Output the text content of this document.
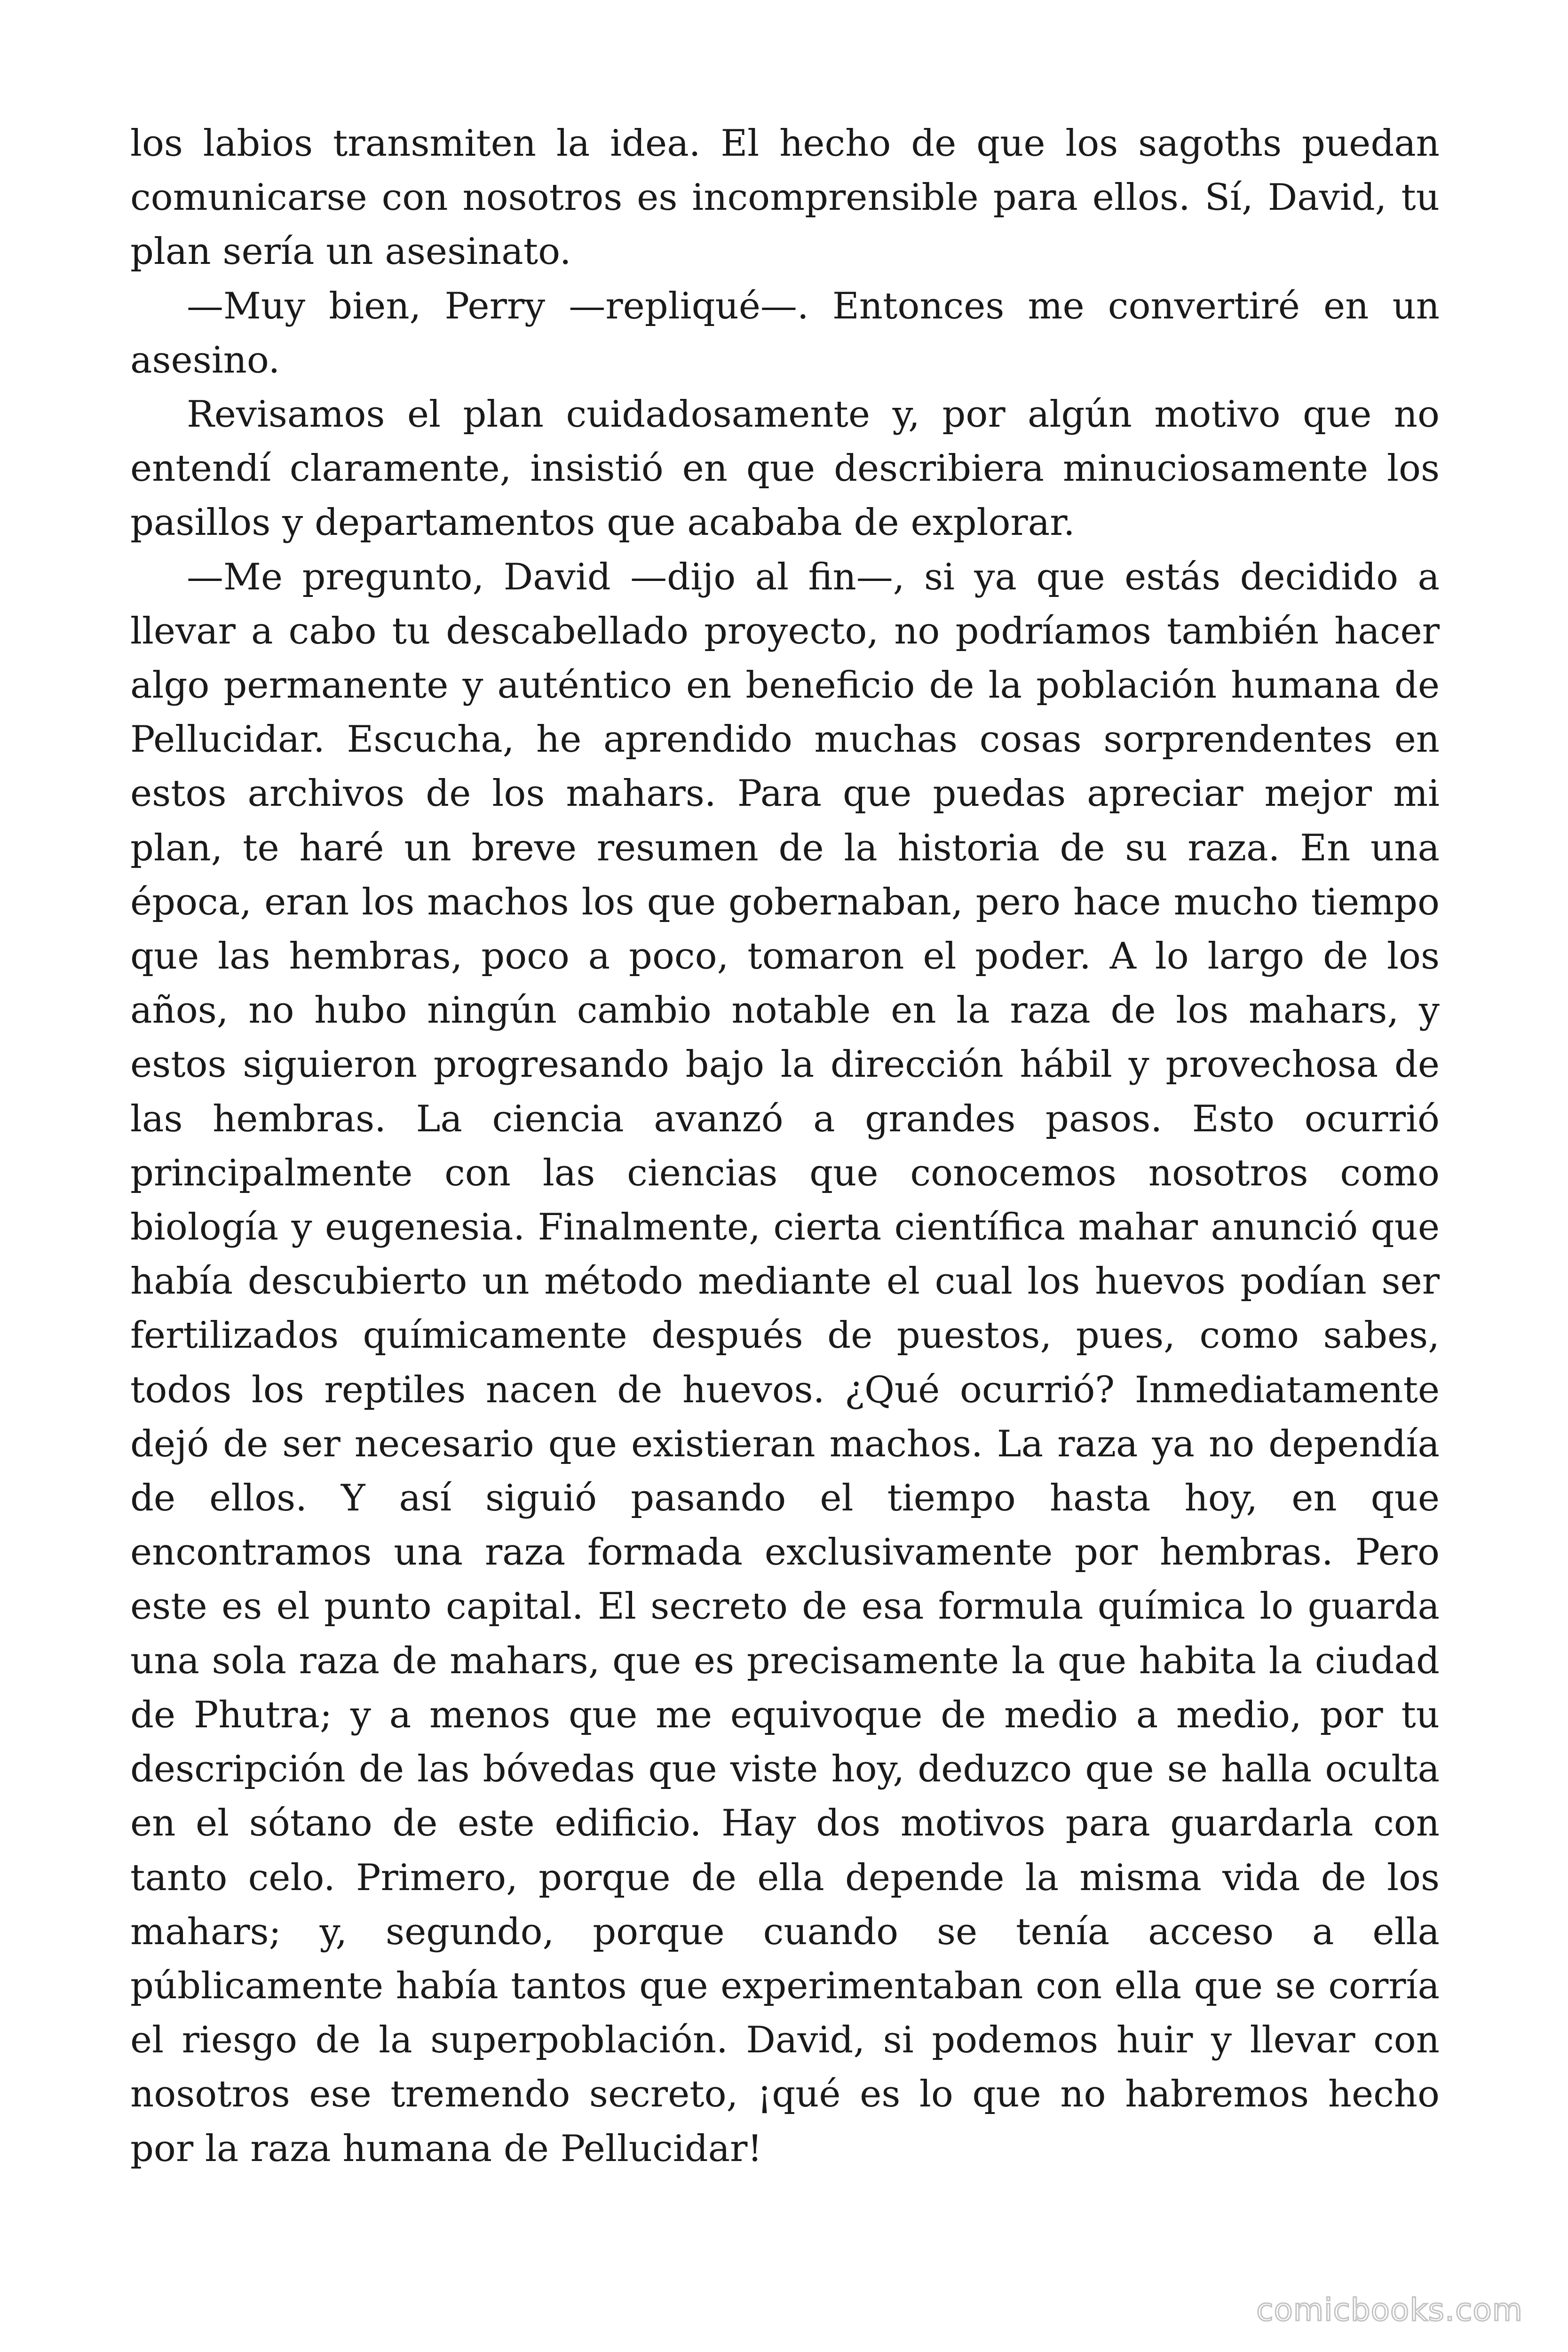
los labios transmiten la idea. El hecho de que los sagoths puedan comunicarse con nosotros es incomprensible para ellos. Sí, David, tu plan sería un asesinato.

—Muy bien, Perry —repliqué—. Entonces me convertiré en un asesino.

Revisamos el plan cuidadosamente y, por algún motivo que no entendí claramente, insistió en que describiera minuciosamente los pasillos y departamentos que acababa de explorar.

—Me pregunto, David —dijo al fin—, si ya que estás decidido a llevar a cabo tu descabellado proyecto, no podríamos también hacer algo permanente y auténtico en beneficio de la población humana de Pellucidar. Escucha, he aprendido muchas cosas sorprendentes en estos archivos de los mahars. Para que puedas apreciar mejor mi plan, te haré un breve resumen de la historia de su raza. En una época, eran los machos los que gobernaban, pero hace mucho tiempo que las hembras, poco a poco, tomaron el poder. A lo largo de los años, no hubo ningún cambio notable en la raza de los mahars, y estos siguieron progresando bajo la dirección hábil y provechosa de las hembras. La ciencia avanzó a grandes pasos. Esto ocurrió principalmente con las ciencias que conocemos nosotros como biología y eugenesia. Finalmente, cierta científica mahar anunció que había descubierto un método mediante el cual los huevos podían ser fertilizados químicamente después de puestos, pues, como sabes, todos los reptiles nacen de huevos. ¿Qué ocurrió? Inmediatamente dejó de ser necesario que existieran machos. La raza ya no dependía de ellos. Y así siguió pasando el tiempo hasta hoy, en que encontramos una raza formada exclusivamente por hembras. Pero este es el punto capital. El secreto de esa formula química lo guarda una sola raza de mahars, que es precisamente la que habita la ciudad de Phutra; y a menos que me equivoque de medio a medio, por tu descripción de las bóvedas que viste hoy, deduzco que se halla oculta en el sótano de este edificio. Hay dos motivos para guardarla con tanto celo. Primero, porque de ella depende la misma vida de los mahars; y, segundo, porque cuando se tenía acceso a ella públicamente había tantos que experimentaban con ella que se corría el riesgo de la superpoblación. David, si podemos huir y llevar con nosotros ese tremendo secreto, ¡qué es lo que no habremos hecho por la raza humana de Pellucidar!

comicbooks.com
